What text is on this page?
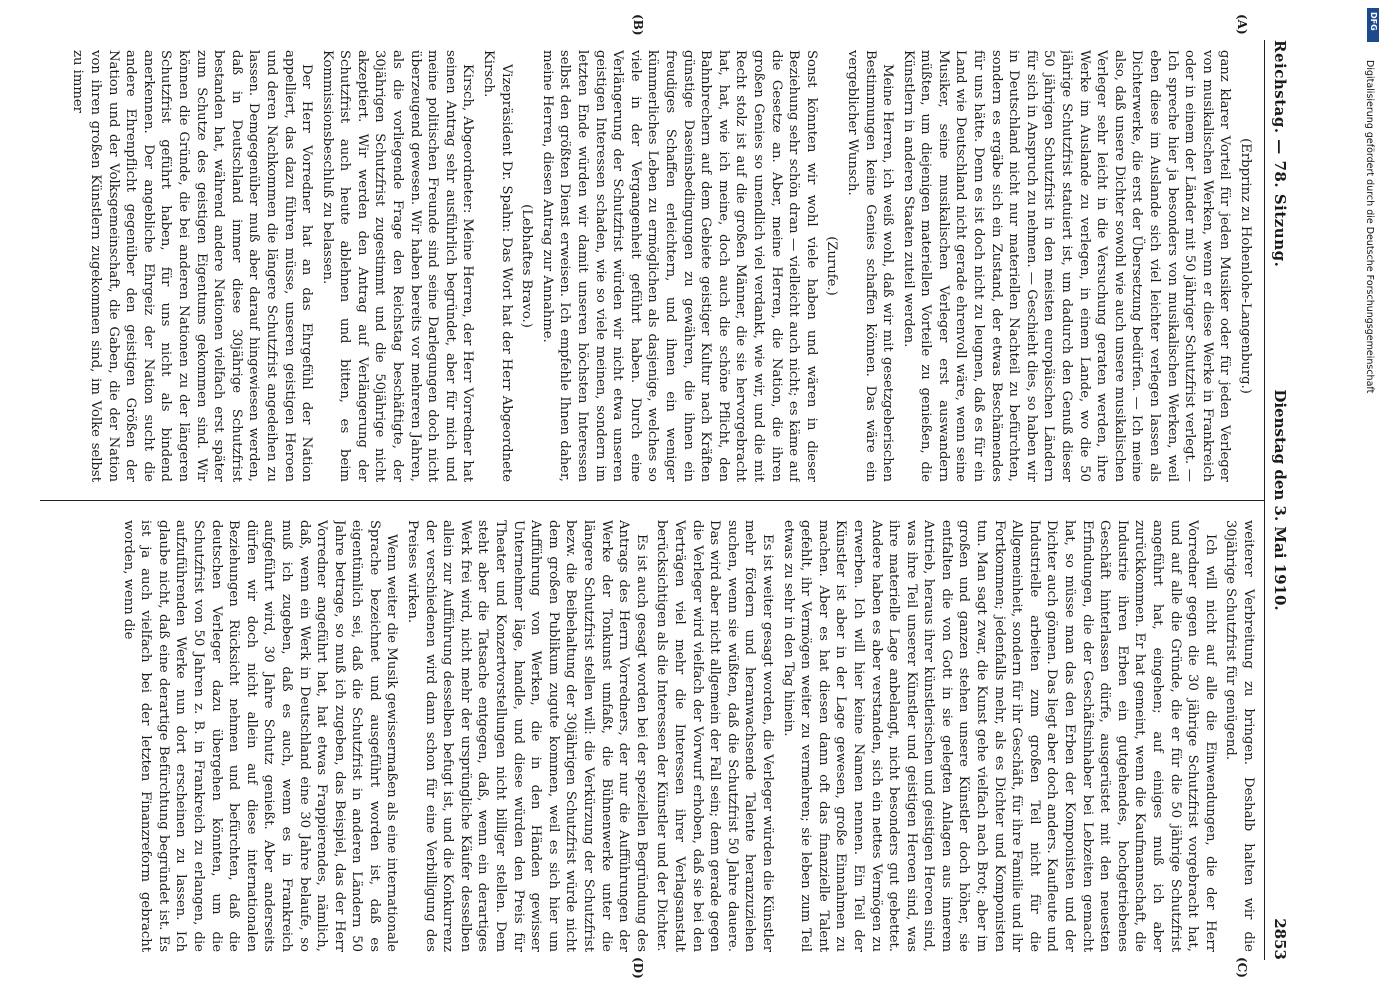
Reichstag. — 78. Sitzung.
Dienstag den 3. Mai 1910.
2853
(A)
(B)
(C)
(D)

(Erbprinz zu Hohenlohe-Langenburg.)

ganz klarer Vorteil für jeden Musiker oder für jeden Verleger von musikalischen Werken, wenn er diese Werke in Frankreich oder in einem der Länder mit 50 jähriger Schutzfrist verlegt. — Ich spreche hier ja besonders von musikalischen Werken, weil eben diese im Auslande sich viel leichter verlegen lassen als Dichterwerke, die erst der Übersetzung bedürfen. — Ich meine also, daß unsere Dichter sowohl wie auch unsere musikalischen Verleger sehr leicht in die Versuchung geraten werden, ihre Werke im Auslande zu verlegen, in einem Lande, wo die 50 jährige Schutzfrist statuiert ist, um dadurch den Genuß dieser 50 jährigen Schutzfrist in den meisten europäischen Ländern für sich in Anspruch zu nehmen. — Geschieht dies, so haben wir in Deutschland nicht nur materiellen Nachteil zu befürchten, sondern es ergäbe sich ein Zustand, der etwas Beschämendes für uns hätte. Denn es ist doch nicht zu leugnen, daß es für ein Land wie Deutschland nicht gerade ehrenvoll wäre, wenn seine Musiker, seine musikalischen Verleger erst auswandern müßten, um diejenigen materiellen Vorteile zu genießen, die Künstlern in anderen Staaten zuteil werden.

Meine Herren, ich weiß wohl, daß wir mit gesetzgeberischen Bestimmungen keine Genies schaffen können. Das wäre ein vergeblicher Wunsch.

(Zurufe.)

Sonst könnten wir wohl viele haben und wären in dieser Beziehung sehr schön dran — vielleicht auch nicht; es käme auf die Gesetze an. Aber, meine Herren, die Nation, die ihren großen Genies so unendlich viel verdankt, wie wir, und die mit Recht stolz ist auf die großen Männer, die sie hervorgebracht hat, hat, wie ich meine, doch auch die schöne Pflicht, den Bahnbrechern auf dem Gebiete geistiger Kultur nach Kräften günstige Daseinsbedingungen zu gewähren, die ihnen ein freudiges Schaffen erleichtern, und ihnen ein weniger kümmerliches Leben zu ermöglichen als dasjenige, welches so viele in der Vergangenheit geführt haben. Durch eine Verlängerung der Schutzfrist würden wir nicht etwa unseren geistigen Interessen schaden, wie so viele meinen, sondern im letzten Ende würden wir damit unseren höchsten Interessen selbst den größten Dienst erweisen. Ich empfehle Ihnen daher, meine Herren, diesen Antrag zur Annahme.

(Lebhaftes Bravo.)

Vizepräsident Dr. Spahn: Das Wort hat der Herr Abgeordnete Kirsch.

Kirsch, Abgeordneter: Meine Herren, der Herr Vorredner hat seinen Antrag sehr ausführlich begründet, aber für mich und meine politischen Freunde sind seine Darlegungen doch nicht überzeugend gewesen. Wir haben bereits vor mehreren Jahren, als die vorliegende Frage den Reichstag beschäftigte, der 30jährigen Schutzfrist zugestimmt und die 50jährige nicht akzeptiert. Wir werden den Antrag auf Verlängerung der Schutzfrist auch heute ablehnen und bitten, es beim Kommissionsbeschluß zu belassen.

Der Herr Vorredner hat an das Ehrgefühl der Nation appelliert, das dazu führen müsse, unseren geistigen Heroen und deren Nachkommen die längere Schutzfrist angedeihen zu lassen. Demgegenüber muß aber darauf hingewiesen werden, daß in Deutschland immer diese 30jährige Schutzfrist bestanden hat, während andere Nationen vielfach erst später zum Schutze des geistigen Eigentums gekommen sind. Wir können die Gründe, die bei anderen Nationen zu der längeren Schutzfrist geführt haben, für uns nicht als bindend anerkennen. Der angebliche Ehrgeiz der Nation sucht die andere Ehrenpflicht gegenüber den geistigen Größen der Nation und der Volksgemeinschaft, die Gaben, die der Nation von ihren großen Künstlern zugekommen sind, im Volke selbst zu immer

weiterer Verbreitung zu bringen. Deshalb halten wir die 30jährige Schutzfrist für genügend.

Ich will nicht auf alle die Einwendungen, die der Herr Vorredner gegen die 30 jährige Schutzfrist vorgebracht hat, und auf alle die Gründe, die er für die 50 jährige Schutzfrist angeführt hat, eingehen; auf einiges muß ich aber zurückkommen. Er hat gemeint, wenn die Kaufmannschaft, die Industrie ihren Erben ein gutgehendes, hochgetriebenes Geschäft hinterlassen dürfe, ausgerüstet mit den neuesten Erfindungen, die der Geschäftsinhaber bei Lebzeiten gemacht hat, so müsse man das den Erben der Komponisten und der Dichter auch gönnen. Das liegt aber doch anders. Kaufleute und Industrielle arbeiten zum großen Teil nicht für die Allgemeinheit, sondern für ihr Geschäft, für ihre Familie und ihr Fortkommen; jedenfalls mehr, als es Dichter und Komponisten tun. Man sagt zwar, die Kunst gehe vielfach nach Brot; aber im großen und ganzen stehen unsere Künstler doch höher, sie entfalten die von Gott in sie gelegten Anlagen aus innerem Antrieb, heraus ihrer künstlerischen und geistigen Heroen sind, was ihre Teil unserer Künstler und geistigen Heroen sind, was ihre materielle Lage anbelangt, nicht besonders gut gebettet. Andere haben es aber verstanden, sich ein nettes Vermögen zu erwerben. Ich will hier keine Namen nennen. Ein Teil der Künstler ist aber in der Lage gewesen, große Einnahmen zu machen. Aber es hat diesen dann oft das finanzielle Talent gefehlt, ihr Vermögen weiter zu vermehren; sie leben zum Teil etwas zu sehr in den Tag hinein.

Es ist weiter gesagt worden, die Verleger würden die Künstler mehr fördern und heranwachsende Talente heranzuziehen suchen, wenn sie wüßten, daß die Schutzfrist 50 Jahre dauere. Das wird aber nicht allgemein der Fall sein; denn gerade gegen die Verleger wird vielfach der Vorwurf erhoben, daß sie bei den Verträgen viel mehr die Interessen ihrer Verlagsanstalt berücksichtigen als die Interessen der Künstler und der Dichter.

Es ist auch gesagt worden bei der speziellen Begründung des Antrags des Herrn Vorredners, der nur die Aufführungen der Werke der Tonkunst umfaßt, die Bühnenwerke unter die längere Schutzfrist stellen will: die Verkürzung der Schutzfrist bezw. die Beibehaltung der 30jährigen Schutzfrist würde nicht dem großen Publikum zugute kommen, weil es sich hier um Aufführung von Werken, die in den Händen gewisser Unternehmer läge, handle, und diese würden den Preis für Theater und Konzertvorstellungen nicht billiger stellen. Dem steht aber die Tatsache entgegen, daß, wenn ein derartiges Werk frei wird, nicht mehr der ursprüngliche Käufer desselben allein zur Aufführung desselben befugt ist, und die Konkurrenz der verschiedenen wird dann schon für eine Verbilligung des Preises wirken.

Wenn weiter die Musik gewissermaßen als eine internationale Sprache bezeichnet und ausgeführt worden ist, daß es eigentümlich sei, daß die Schutzfrist in anderen Ländern 50 Jahre betrage, so muß ich zugeben, das Beispiel, das der Herr Vorredner angeführt hat, hat etwas Frappierendes, nämlich, daß, wenn ein Werk in Deutschland eine 30 Jahre belaufe, so muß ich zugeben, daß es auch, wenn es in Frankreich aufgeführt wird, 30 Jahre Schutz genießt. Aber anderseits dürfen wir doch nicht allein auf diese internationalen Beziehungen Rücksicht nehmen und befürchten, daß die deutschen Verleger dazu übergehen könnten, um die Schutzfrist von 50 Jahren z. B. in Frankreich zu erlangen, die aufzuführenden Werke nun dort erscheinen zu lassen. Ich glaube nicht, daß eine derartige Befürchtung begründet ist. Es ist ja auch vielfach bei der letzten Finanzreform gebracht worden, wenn die

Digitalisierung gefördert durch die Deutsche Forschungsgemeinschaft
DFG
